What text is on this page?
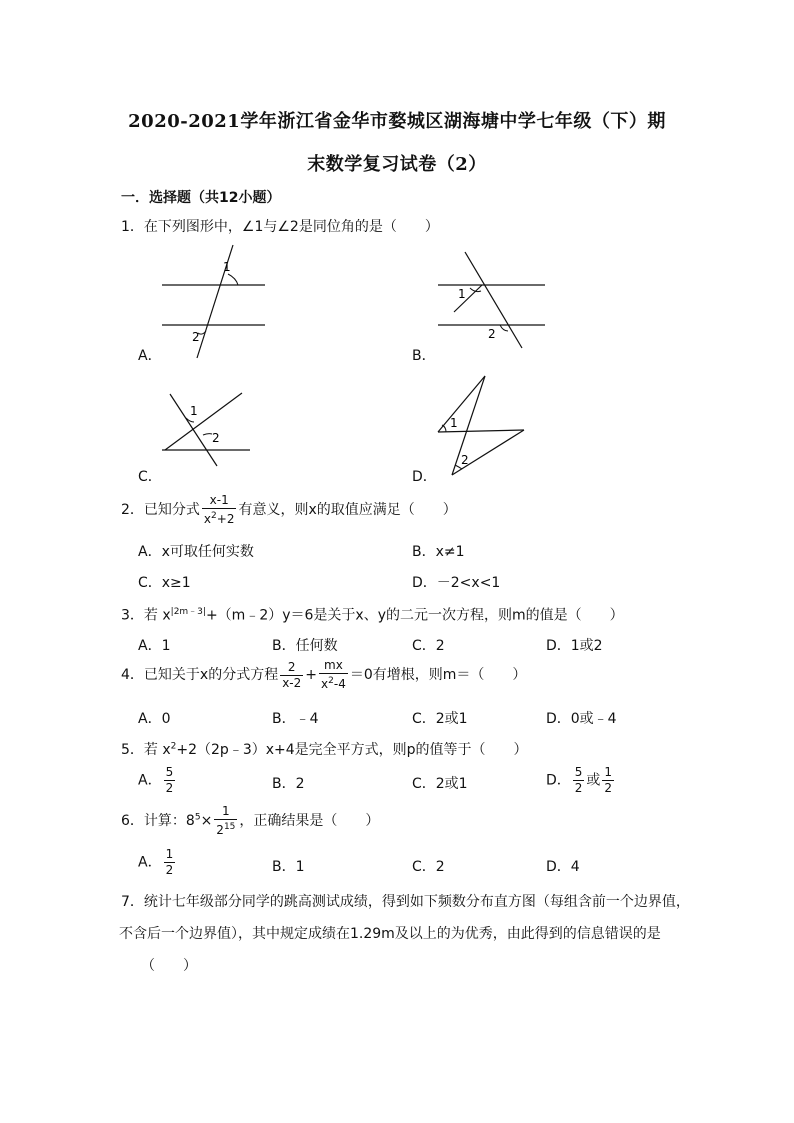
2020-2021学年浙江省金华市婺城区湖海塘中学七年级（下）期
末数学复习试卷（2）
一．选择题（共12小题）
1．在下列图形中，∠1与∠2是同位角的是（　　）
1
2
A．
1
2
B．
1
2
C．
1
2
D．
2．已知分式 $\frac{x-1}{x^2+2}$ 有意义，则x的取值应满足（　　）
A．x可取任何实数	B．x≠1
C．x≥1	D．－2<x<1
3．若 $x^{|2m﹣3|}+(m﹣2)y=6$是关于x、y的二元一次方程，则m的值是（　　）
A．1	B．任何数	C．2	D．1或2
4．已知关于x的分式方程 $\frac{2}{x-2} + \frac{mx}{x^2-4} =0$有增根，则m＝（　　）
A．0	B．﹣4	C．2或1	D．0或﹣4
5．若 $x^2+2(2p﹣3)x+4$是完全平方式，则p的值等于（　　）
A． $\frac{5}{2}$	B．2	C．2或1	D． $\frac{5}{2}$ 或 $\frac{1}{2}$
6．计算：$8^5\times \frac{1}{2^{15}}$ ，正确结果是（　　）
A． $\frac{1}{2}$	B．1	C．2	D．4
7．统计七年级部分同学的跳高测试成绩，得到如下频数分布直方图（每组含前一个边界值，
不含后一个边界值），其中规定成绩在1.29m及以上的为优秀，由此得到的信息错误的是
（　　）
